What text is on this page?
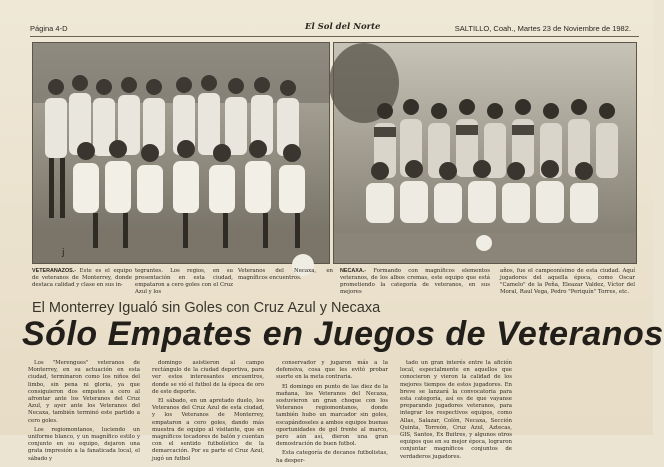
Página 4-D	El Sol del Norte	SALTILLO, Coah., Martes 23 de Noviembre de 1982.
j
VETERANAZOS.- Este es el equipo de veteranos de Monterrey, donde destaca calidad y clase en sus in-
tegrantes. Los regios, en su presentación en esta ciudad, empataron a cero goles con el Cruz Azul y los
Veteranos del Necaxa, en magníficos encuentros.
NECAXA.- Formando con magníficos elementos veteranos, de los albos cremas, este equipo que está prometiendo la categoría de veteranos, en sus mejores
años, fue el campeonísimo de esta ciudad. Aquí jugadores del aquella época, como Oscar "Camelo" de la Peña, Eleazar Valdez, Víctor del Moral, Raul Vega, Pedro "Periquín" Torres, etc.
El Monterrey Igualó sin Goles con Cruz Azul y Necaxa
Sólo Empates en Juegos de Veteranos

Los "Merengues" veteranos de Monterrey, en su actuación en esta ciudad, terminaron como los niños del limbo, sin pena ni gloria, ya que consiguieron dos empates a cero al afrontar ante los Veteranos del Cruz Azul, y ayer ante los Veteranos del Necaxa, también terminó este partido a cero goles.

Los regiomontanos, luciendo un uniforme blanco, y un magnífico estilo y conjunto en su equipo, dejaron una grata impresión a la fanaticada local, el sábado y

domingo asistieron al campo rectángulo de la ciudad deportiva, para ver estos interesantes encuentros, donde se vió el futbol de la época de oro de este deporte.

El sábado, en un apretado duelo, los Veteranos del Cruz Azul de esta ciudad, y los Veteranos de Monterrey, empataron a cero goles, dando más muestra de equipo al visitante, que en magníficos tocadores de balón y cuentan con el sentido futbolístico de la demarcación. Por su parte el Cruz Azul, jugó un futbol

conservador y jugaron más a la defensiva, cosa que les evitó probar suerte en la meta contraria.

El domingo en punto de las diez de la mañana, los Veteranos del Necaxa, sostuvieron un gran choque con los Veteranos regiomontanos, donde también hubo un marcador sin goles, escapándoseles a ambos equipos buenas oportunidades de gol frente al marco, pero aún así, dieron una gran demostración de buen futbol.

Esta categoría de decanos futbolistas, ha desper-

tado un gran interés entre la afición local, especialmente en aquellos que conocieron y vieron la calidad de los mejores tiempos de estos jugadores. En breve se lanzará la convocatoria para esta categoría, así es de que vayanse preparando jugadores veteranos, para integrar los respectivos equipos, como Allas, Salazar, Colón, Necaxa, Sección Quinta, Torreón, Cruz Azul, Aztecas, GIS, Santos, Ex Buitres, y algunos otros equipos que en su mejor época, lograron conjuntar magníficos conjuntos de verdaderos jugadores.
